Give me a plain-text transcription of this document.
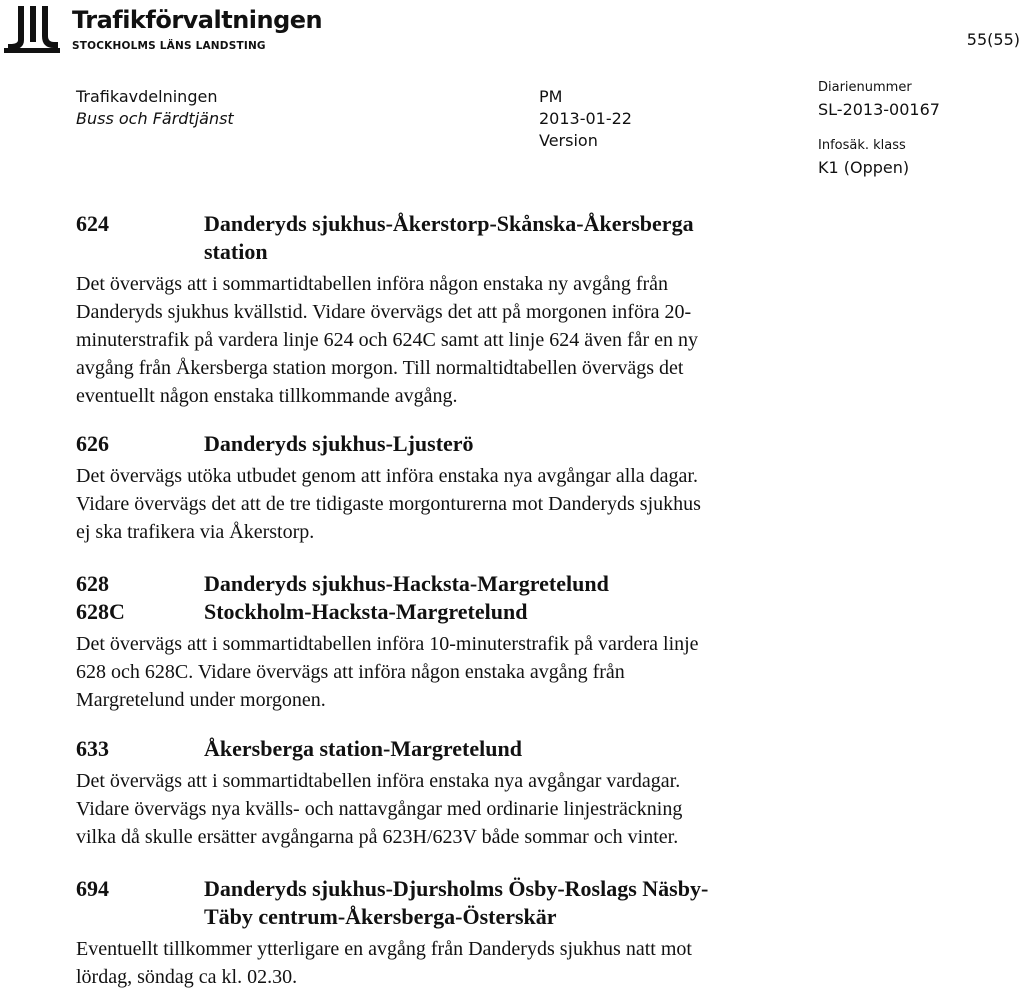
Trafikförvaltningen
STOCKHOLMS LÄNS LANDSTING	55(55)
Trafikavdelningen
Buss och Färdtjänst
PM
2013-01-22
Version
Diarienummer
SL-2013-00167
Infosäk. klass
K1 (Oppen)
624	Danderyds sjukhus-Åkerstorp-Skånska-Åkersberga
station
Det övervägs att i sommartidtabellen införa någon enstaka ny avgång från
Danderyds sjukhus kvällstid. Vidare övervägs det att på morgonen införa 20-
minuterstrafik på vardera linje 624 och 624C samt att linje 624 även får en ny
avgång från Åkersberga station morgon. Till normaltidtabellen övervägs det
eventuellt någon enstaka tillkommande avgång.
626	Danderyds sjukhus-Ljusterö
Det övervägs utöka utbudet genom att införa enstaka nya avgångar alla dagar.
Vidare övervägs det att de tre tidigaste morgonturerna mot Danderyds sjukhus
ej ska trafikera via Åkerstorp.
628	Danderyds sjukhus-Hacksta-Margretelund
628C	Stockholm-Hacksta-Margretelund
Det övervägs att i sommartidtabellen införa 10-minuterstrafik på vardera linje
628 och 628C. Vidare övervägs att införa någon enstaka avgång från
Margretelund under morgonen.
633	Åkersberga station-Margretelund
Det övervägs att i sommartidtabellen införa enstaka nya avgångar vardagar.
Vidare övervägs nya kvälls- och nattavgångar med ordinarie linjesträckning
vilka då skulle ersätter avgångarna på 623H/623V både sommar och vinter.
694	Danderyds sjukhus-Djursholms Ösby-Roslags Näsby-
Täby centrum-Åkersberga-Österskär
Eventuellt tillkommer ytterligare en avgång från Danderyds sjukhus natt mot
lördag, söndag ca kl. 02.30.
